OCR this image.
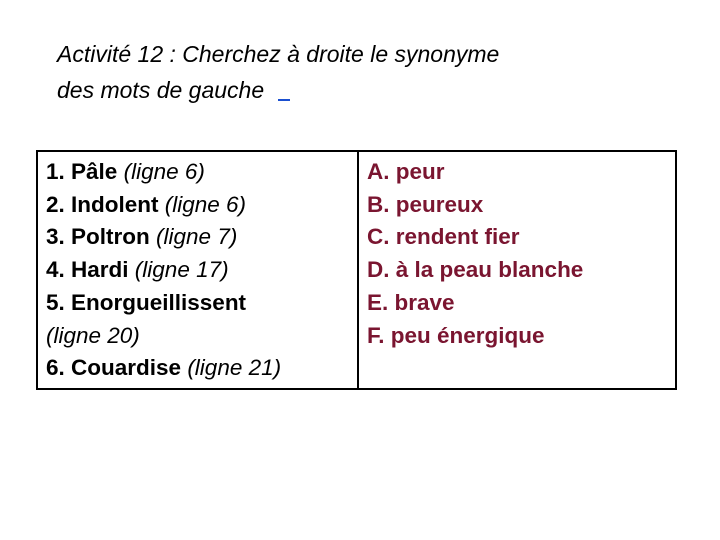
Activité 12 : Cherchez à droite le synonyme
des mots de gauche
1. Pâle (ligne 6)
2. Indolent (ligne 6)
3. Poltron (ligne 7)
4. Hardi (ligne 17)
5. Enorgueillissent
(ligne 20)
6. Couardise (ligne 21)
A. peur
B. peureux
C. rendent fier
D. à la peau blanche
E. brave
F. peu énergique
